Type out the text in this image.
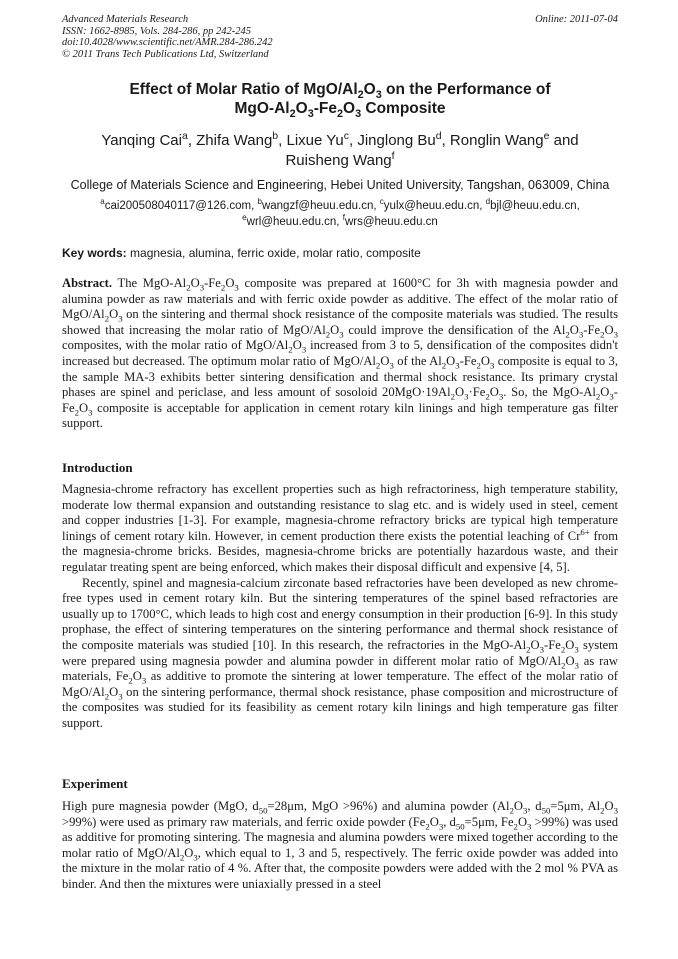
Advanced Materials Research
ISSN: 1662-8985, Vols. 284-286, pp 242-245
doi:10.4028/www.scientific.net/AMR.284-286.242
© 2011 Trans Tech Publications Ltd, Switzerland
Online: 2011-07-04
Effect of Molar Ratio of MgO/$Al_2O_3$ on the Performance of
MgO-$Al_2O_3-Fe_2O_3$ Composite
Yanqing Cai$^a$, Zhifa Wang$^b$, Lixue Yu$^c$, Jinglong Bu$^d$, Ronglin Wang$^e$ and
Ruisheng Wang$^f$
College of Materials Science and Engineering, Hebei United University, Tangshan, 063009, China
$^a$cai200508040117@126.com, $^b$wangzf@heuu.edu.cn, $^c$yulx@heuu.edu.cn, $^d$bjl@heuu.edu.cn,
$^e$wrl@heuu.edu.cn, $^f$wrs@heuu.edu.cn
Key words: magnesia, alumina, ferric oxide, molar ratio, composite

Abstract. The MgO-$Al_2O_3-Fe_2O_3$ composite was prepared at 1600°C for 3h with magnesia powder and alumina powder as raw materials and with ferric oxide powder as additive. The effect of the molar ratio of MgO/$Al_2O_3$ on the sintering and thermal shock resistance of the composite materials was studied. The results showed that increasing the molar ratio of MgO/$Al_2O_3$ could improve the densification of the $Al_2O_3-Fe_2O_3$ composites, with the molar ratio of MgO/$Al_2O_3$ increased from 3 to 5, densification of the composites didn't increased but decreased. The optimum molar ratio of MgO/$Al_2O_3$ of the $Al_2O_3-Fe_2O_3$ composite is equal to 3, the sample MA-3 exhibits better sintering densification and thermal shock resistance. Its primary crystal phases are spinel and periclase, and less amount of sosoloid $20MgO\cdot 19Al_2O_3\cdot Fe_2O_3$. So, the MgO-$Al_2O_3-Fe_2O_3$ composite is acceptable for application in cement rotary kiln linings and high temperature gas filter support.

Introduction

Magnesia-chrome refractory has excellent properties such as high refractoriness, high temperature stability, moderate low thermal expansion and outstanding resistance to slag etc. and is widely used in steel, cement and copper industries [1-3]. For example, magnesia-chrome refractory bricks are typical high temperature linings of cement rotary kiln. However, in cement production there exists the potential leaching of $Cr^{6+}$ from the magnesia-chrome bricks. Besides, magnesia-chrome bricks are potentially hazardous waste, and their regulatar treating spent are being enforced, which makes their disposal difficult and expensive [4, 5].

Recently, spinel and magnesia-calcium zirconate based refractories have been developed as new chrome-free types used in cement rotary kiln. But the sintering temperatures of the spinel based refractories are usually up to 1700°C, which leads to high cost and energy consumption in their production [6-9]. In this study prophase, the effect of sintering temperatures on the sintering performance and thermal shock resistance of the composite materials was studied [10]. In this research, the refractories in the MgO-$Al_2O_3-Fe_2O_3$ system were prepared using magnesia powder and alumina powder in different molar ratio of MgO/$Al_2O_3$ as raw materials, $Fe_2O_3$ as additive to promote the sintering at lower temperature. The effect of the molar ratio of MgO/$Al_2O_3$ on the sintering performance, thermal shock resistance, phase composition and microstructure of the composites was studied for its feasibility as cement rotary kiln linings and high temperature gas filter support.

Experiment

High pure magnesia powder (MgO, $d_{50}=28\mu m$, MgO >96%) and alumina powder ($Al_2O_3$, $d_{50}=5\mu m$, $Al_2O_3 >99\%$) were used as primary raw materials, and ferric oxide powder ($Fe_2O_3$, $d_{50}=5\mu m$, $Fe_2O_3 >99\%$) was used as additive for promoting sintering. The magnesia and alumina powders were mixed together according to the molar ratio of MgO/$Al_2O_3$, which equal to 1, 3 and 5, respectively. The ferric oxide powder was added into the mixture in the molar ratio of 4 %. After that, the composite powders were added with the 2 mol % PVA as binder. And then the mixtures were uniaxially pressed in a steel
